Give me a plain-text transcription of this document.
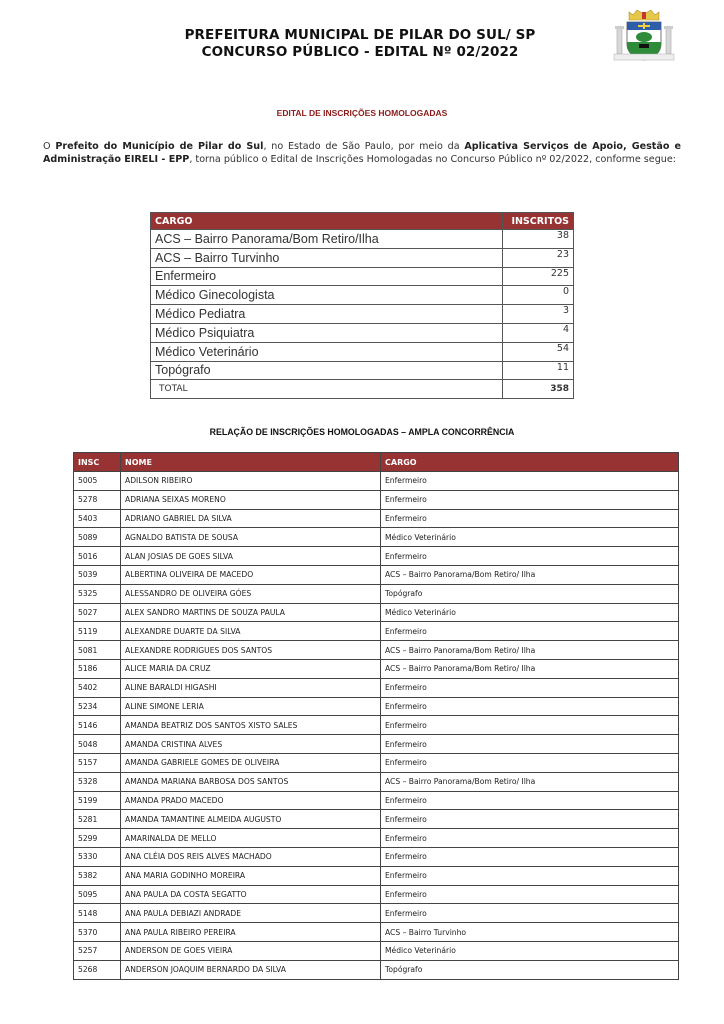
PREFEITURA MUNICIPAL DE PILAR DO SUL/ SP
CONCURSO PÚBLICO - EDITAL Nº 02/2022
EDITAL DE INSCRIÇÕES HOMOLOGADAS

O Prefeito do Município de Pilar do Sul, no Estado de São Paulo, por meio da Aplicativa Serviços de Apoio, Gestão e Administração EIRELI - EPP, torna público o Edital de Inscrições Homologadas no Concurso Público nº 02/2022, conforme segue:

CARGO	INSCRITOS
ACS – Bairro Panorama/Bom Retiro/Ilha	38
ACS – Bairro Turvinho	23
Enfermeiro	225
Médico Ginecologista	0
Médico Pediatra	3
Médico Psiquiatra	4
Médico Veterinário	54
Topógrafo	11
TOTAL	358
RELAÇÃO DE INSCRIÇÕES HOMOLOGADAS – AMPLA CONCORRÊNCIA
INSC	NOME	CARGO
5005	ADILSON RIBEIRO	Enfermeiro
5278	ADRIANA SEIXAS MORENO	Enfermeiro
5403	ADRIANO GABRIEL DA SILVA	Enfermeiro
5089	AGNALDO BATISTA DE SOUSA	Médico Veterinário
5016	ALAN JOSIAS DE GOES SILVA	Enfermeiro
5039	ALBERTINA OLIVEIRA DE MACEDO	ACS – Bairro Panorama/Bom Retiro/ Ilha
5325	ALESSANDRO DE OLIVEIRA GÓES	Topógrafo
5027	ALEX SANDRO MARTINS DE SOUZA PAULA	Médico Veterinário
5119	ALEXANDRE DUARTE DA SILVA	Enfermeiro
5081	ALEXANDRE RODRIGUES DOS SANTOS	ACS – Bairro Panorama/Bom Retiro/ Ilha
5186	ALICE MARIA DA CRUZ	ACS – Bairro Panorama/Bom Retiro/ Ilha
5402	ALINE BARALDI HIGASHI	Enfermeiro
5234	ALINE SIMONE LERIA	Enfermeiro
5146	AMANDA BEATRIZ DOS SANTOS XISTO SALES	Enfermeiro
5048	AMANDA CRISTINA ALVES	Enfermeiro
5157	AMANDA GABRIELE GOMES DE OLIVEIRA	Enfermeiro
5328	AMANDA MARIANA BARBOSA DOS SANTOS	ACS – Bairro Panorama/Bom Retiro/ Ilha
5199	AMANDA PRADO MACEDO	Enfermeiro
5281	AMANDA TAMANTINE ALMEIDA AUGUSTO	Enfermeiro
5299	AMARINALDA DE MELLO	Enfermeiro
5330	ANA CLÉIA DOS REIS ALVES MACHADO	Enfermeiro
5382	ANA MARIA GODINHO MOREIRA	Enfermeiro
5095	ANA PAULA DA COSTA SEGATTO	Enfermeiro
5148	ANA PAULA DEBIAZI ANDRADE	Enfermeiro
5370	ANA PAULA RIBEIRO PEREIRA	ACS – Bairro Turvinho
5257	ANDERSON DE GOES VIEIRA	Médico Veterinário
5268	ANDERSON JOAQUIM BERNARDO DA SILVA	Topógrafo
